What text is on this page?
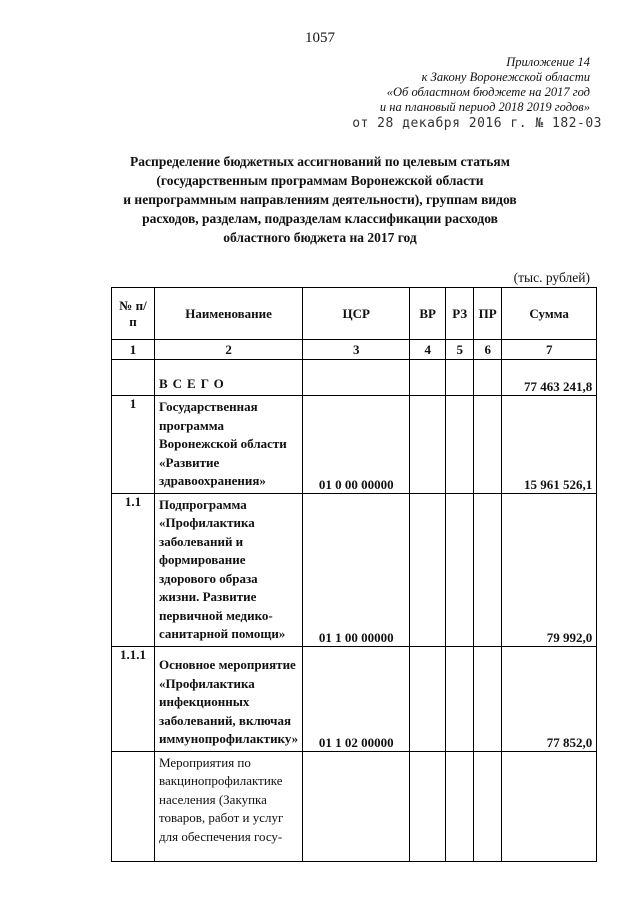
1057
Приложение 14
к Закону Воронежской области
«Об областном бюджете на 2017 год
и на плановый период 2018 2019 годов»
от 28 декабря 2016 г. № 182-03
Распределение бюджетных ассигнований по целевым статьям
(государственным программам Воронежской области
и непрограммным направлениям деятельности), группам видов
расходов, разделам, подразделам классификации расходов
областного бюджета на 2017 год
(тыс. рублей)
№ п/п	Наименование	ЦСР	ВР	РЗ	ПР	Сумма
1	2	3	4	5	6	7
	ВСЕГО					77 463 241,8
1	Государственная программа Воронежской области «Развитие здравоохранения»	01 0 00 00000				15 961 526,1
1.1	Подпрограмма «Профилактика заболеваний и формирование здорового образа жизни. Развитие первичной медико-санитарной помощи»	01 1 00 00000				79 992,0
1.1.1	Основное мероприятие «Профилактика инфекционных заболеваний, включая иммунопрофилактику»	01 1 02 00000				77 852,0
	Мероприятия по вакцинопрофилактике населения (Закупка товаров, работ и услуг для обеспечения госу-					
